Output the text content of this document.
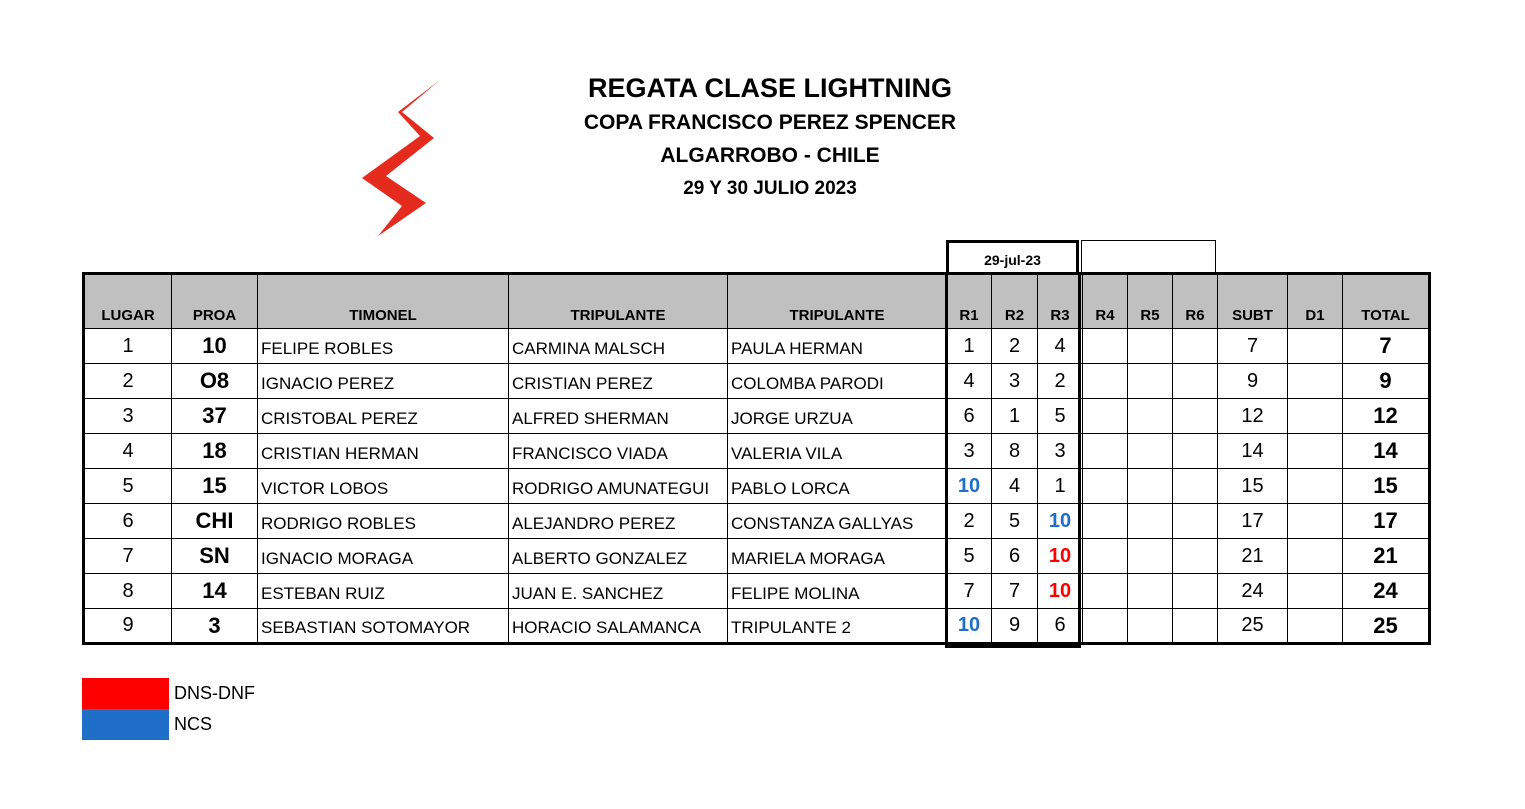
REGATA CLASE LIGHTNING
COPA FRANCISCO PEREZ SPENCER
ALGARROBO - CHILE
29 Y 30 JULIO 2023
29-jul-23
LUGAR	PROA	TIMONEL	TRIPULANTE	TRIPULANTE	R1	R2	R3	R4	R5	R6	SUBT	D1	TOTAL
1	10	FELIPE ROBLES	CARMINA MALSCH	PAULA HERMAN	1	2	4				7		7
2	O8	IGNACIO PEREZ	CRISTIAN PEREZ	COLOMBA PARODI	4	3	2				9		9
3	37	CRISTOBAL PEREZ	ALFRED SHERMAN	JORGE URZUA	6	1	5				12		12
4	18	CRISTIAN HERMAN	FRANCISCO VIADA	VALERIA VILA	3	8	3				14		14
5	15	VICTOR LOBOS	RODRIGO AMUNATEGUI	PABLO LORCA	10	4	1				15		15
6	CHI	RODRIGO ROBLES	ALEJANDRO PEREZ	CONSTANZA GALLYAS	2	5	10				17		17
7	SN	IGNACIO MORAGA	ALBERTO GONZALEZ	MARIELA MORAGA	5	6	10				21		21
8	14	ESTEBAN RUIZ	JUAN E. SANCHEZ	FELIPE MOLINA	7	7	10				24		24
9	3	SEBASTIAN SOTOMAYOR	HORACIO SALAMANCA	TRIPULANTE 2	10	9	6				25		25
DNS-DNF
NCS
